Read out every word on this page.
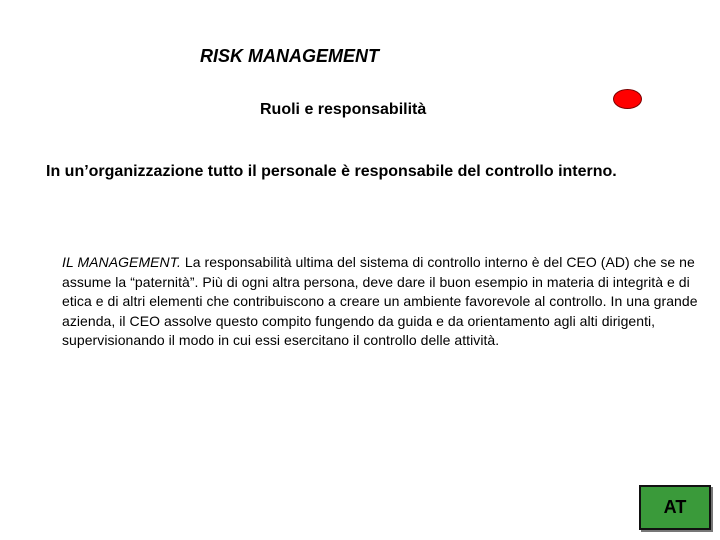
RISK MANAGEMENT
Ruoli e responsabilità
In un’organizzazione tutto il personale è responsabile del controllo interno.
IL MANAGEMENT. La responsabilità ultima del sistema di controllo interno è del CEO (AD) che se ne assume la “paternità”. Più di ogni altra persona, deve dare il buon esempio in materia di integrità e di etica e di altri elementi che contribuiscono a creare un ambiente favorevole al controllo. In una grande azienda, il CEO assolve questo compito fungendo da guida e da orientamento agli alti dirigenti, supervisionando il modo in cui essi esercitano il controllo delle attività.
AT
